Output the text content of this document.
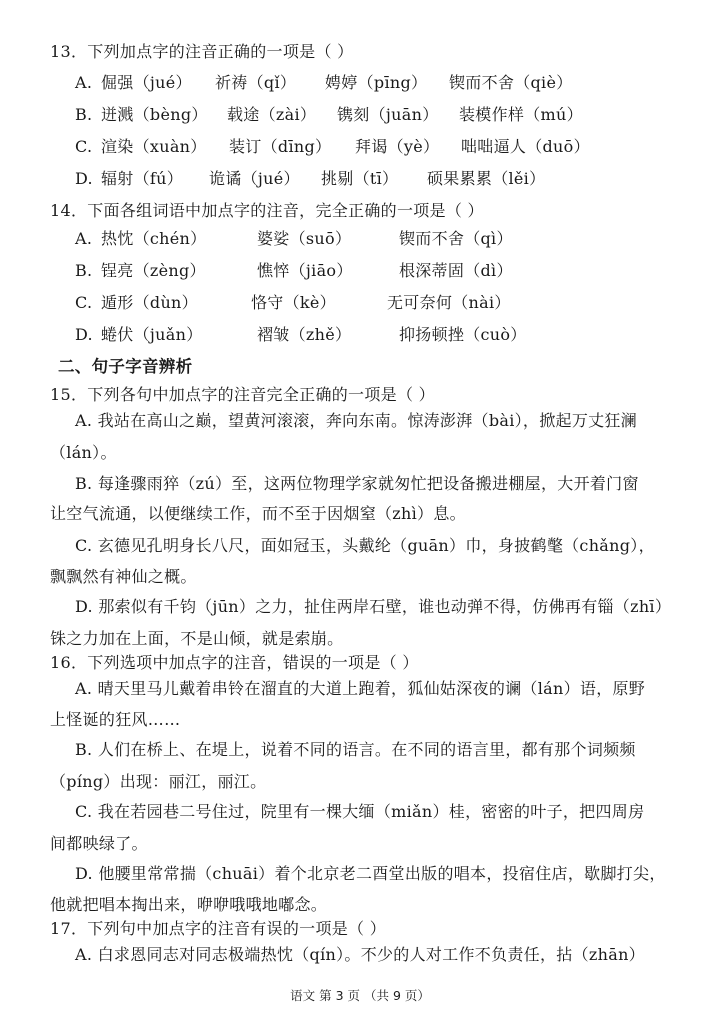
13．下列加点字的注音正确的一项是（ ）
A. 倔强（jué） 祈祷（qǐ） 娉婷（pīng） 锲而不舍（qiè）
B. 迸溅（bèng） 载途（zài） 镌刻（juān） 装模作样（mú）
C. 渲染（xuàn） 装订（dīng） 拜谒（yè） 咄咄逼人（duō）
D. 辐射（fú） 诡谲（jué） 挑剔（tī） 硕果累累（lěi）
14．下面各组词语中加点字的注音，完全正确的一项是（ ）
A. 热忱（chén）	婆娑（suō）	锲而不舍（qì）
B. 锃亮（zèng）	憔悴（jiāo）	根深蒂固（dì）
C. 遁形（dùn）	恪守（kè）	无可奈何（nài）
D. 蜷伏（juǎn）	褶皱（zhě）	抑扬顿挫（cuò）
二、句子字音辨析
15．下列各句中加点字的注音完全正确的一项是（ ）
A. 我站在高山之巅，望黄河滚滚，奔向东南。惊涛澎湃（bài），掀起万丈狂澜
（lán）。
B. 每逢骤雨猝（zú）至，这两位物理学家就匆忙把设备搬进棚屋，大开着门窗
让空气流通，以便继续工作，而不至于因烟窒（zhì）息。
C. 玄德见孔明身长八尺，面如冠玉，头戴纶（guān）巾，身披鹤氅（chǎng），
飘飘然有神仙之概。
D. 那索似有千钧（jūn）之力，扯住两岸石壁，谁也动弹不得，仿佛再有锱（zhī）
铢之力加在上面，不是山倾，就是索崩。
16．下列选项中加点字的注音，错误的一项是（ ）
A. 晴天里马儿戴着串铃在溜直的大道上跑着，狐仙姑深夜的谰（lán）语，原野
上怪诞的狂风……
B. 人们在桥上、在堤上，说着不同的语言。在不同的语言里，都有那个词频频
（píng）出现：丽江，丽江。
C. 我在若园巷二号住过，院里有一棵大缅（miǎn）桂，密密的叶子，把四周房
间都映绿了。
D. 他腰里常常揣（chuāi）着个北京老二酉堂出版的唱本，投宿住店，歇脚打尖，
他就把唱本掏出来，咿咿哦哦地嘟念。
17．下列句中加点字的注音有误的一项是（ ）
A. 白求恩同志对同志极端热忱（qín）。不少的人对工作不负责任，拈（zhān）
语文 第 3 页 （共 9 页）
